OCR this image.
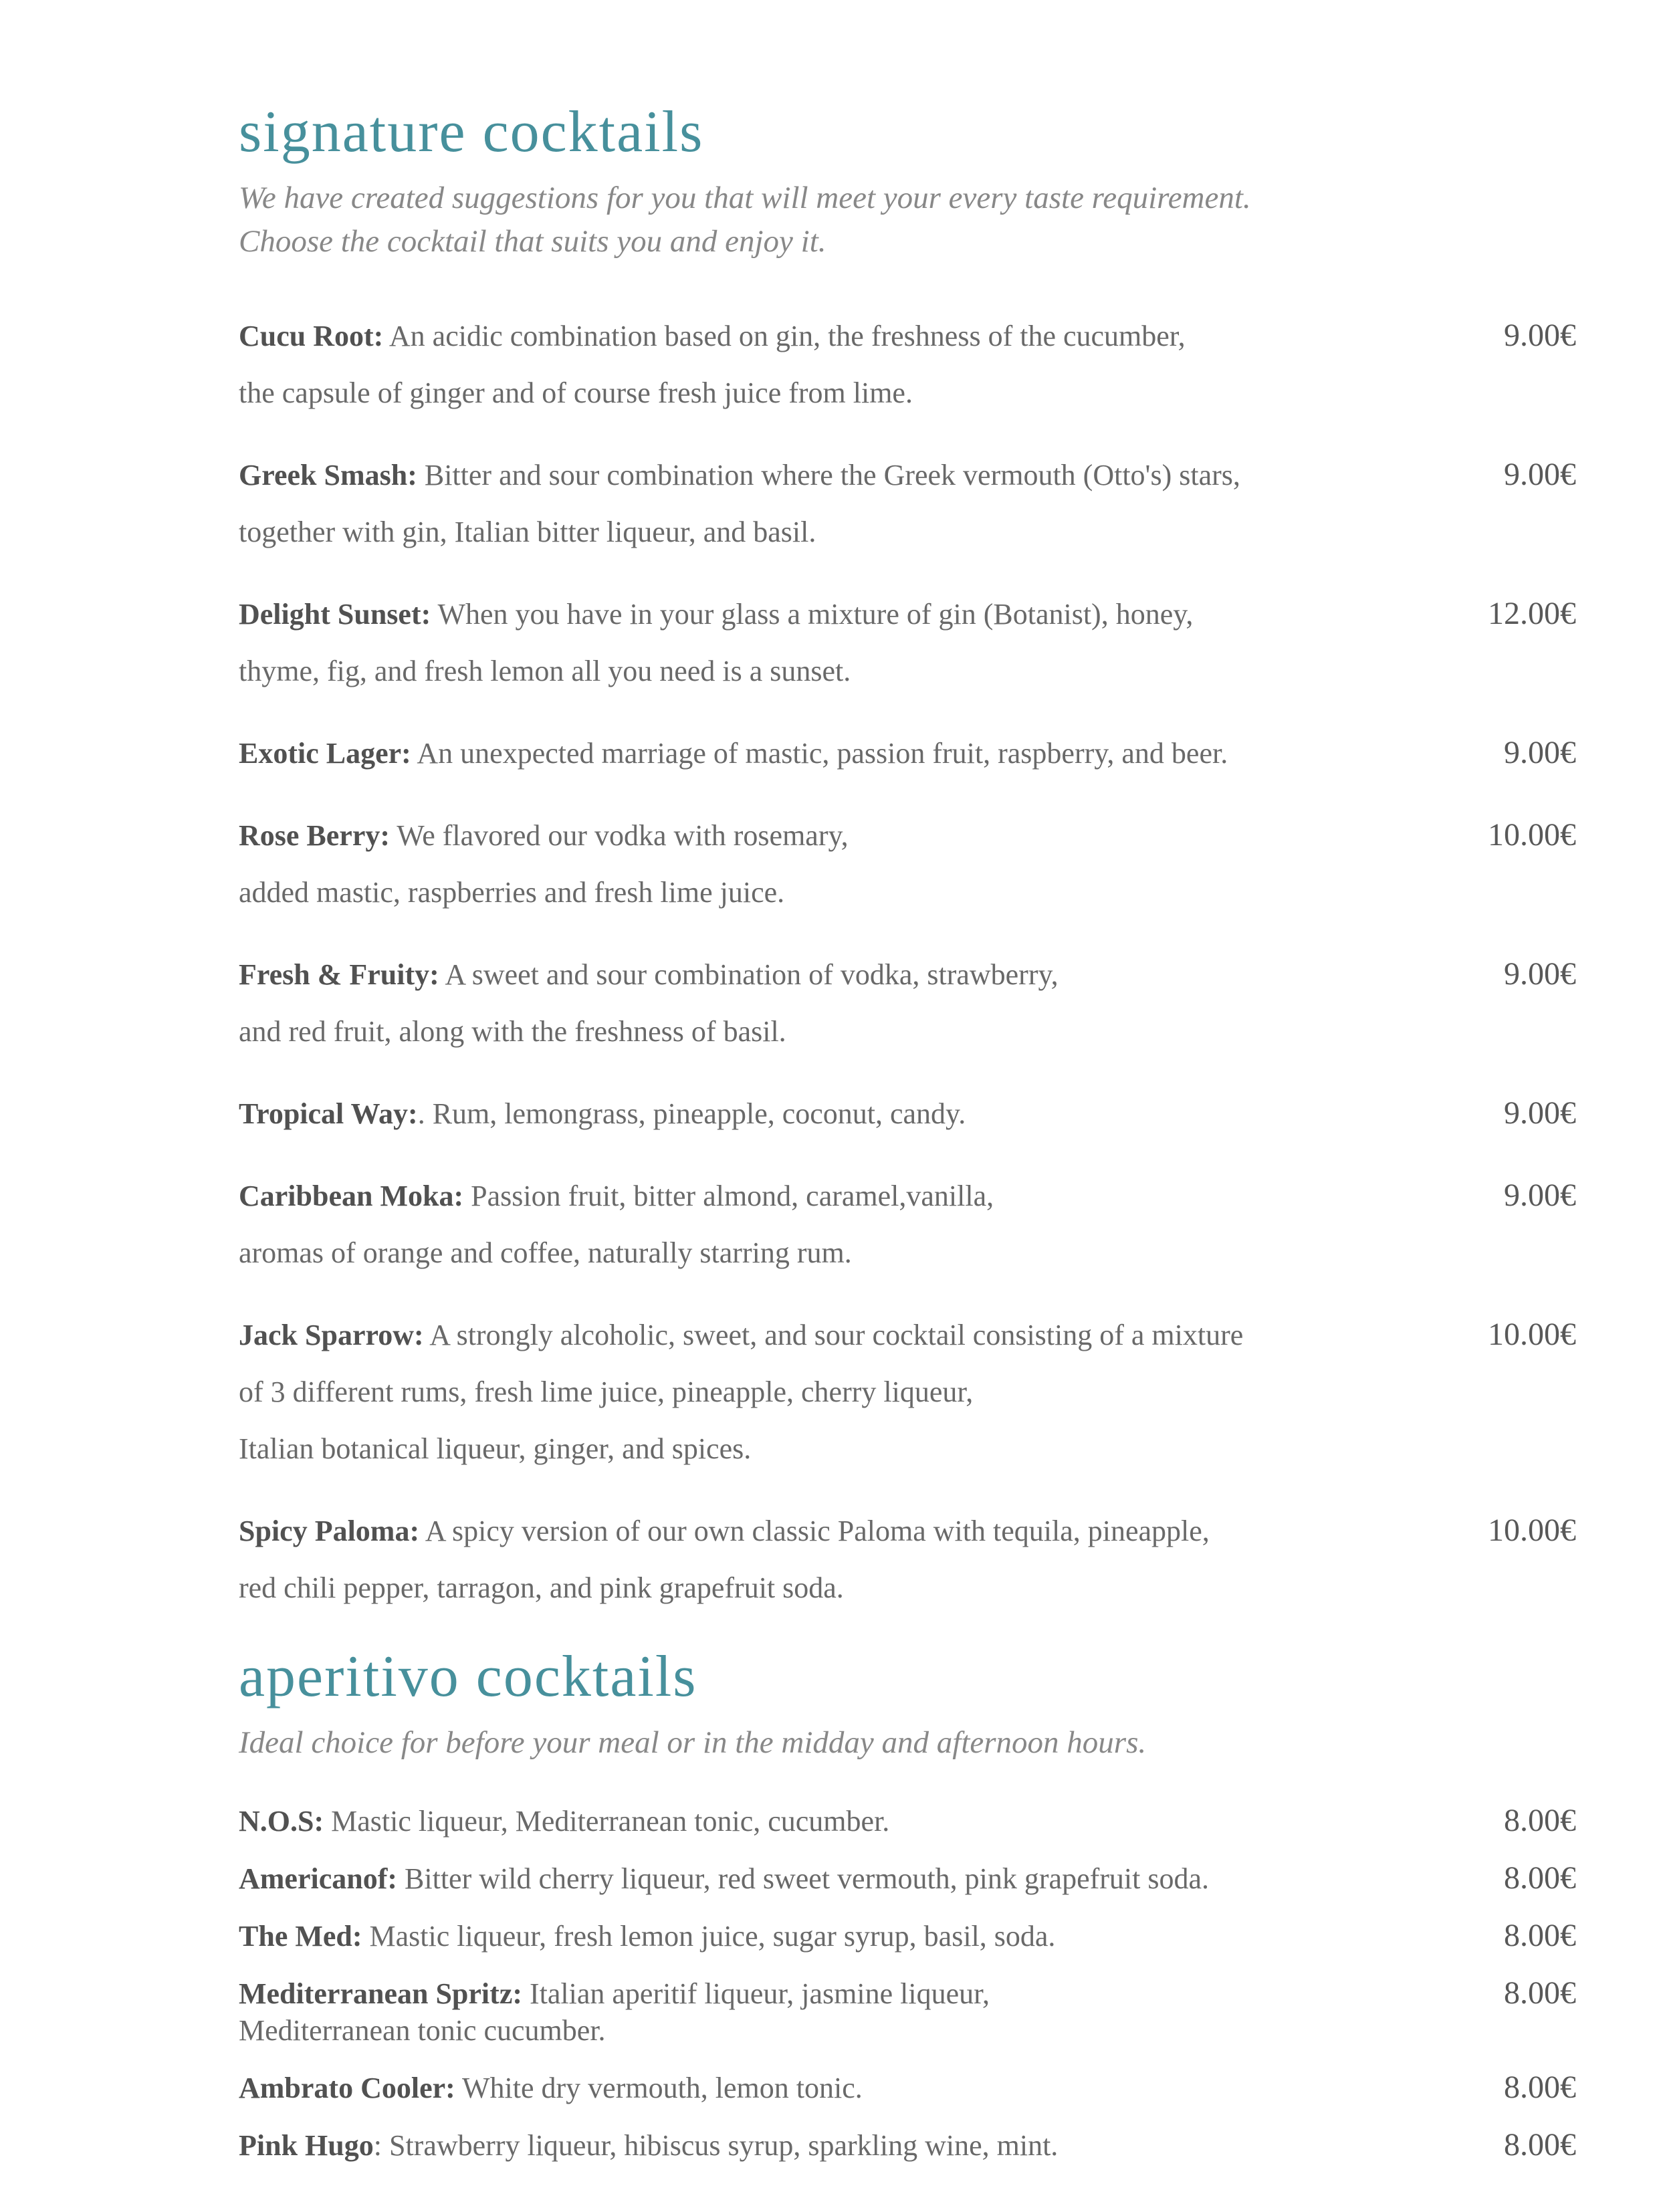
signature cocktails

We have created suggestions for you that will meet your every taste requirement.
Choose the cocktail that suits you and enjoy it.

Cucu Root: An acidic combination based on gin, the freshness of the cucumber,	9.00€

the capsule of ginger and of course fresh juice from lime.

Greek Smash: Bitter and sour combination where the Greek vermouth (Otto's) stars,	9.00€

together with gin, Italian bitter liqueur, and basil.

Delight Sunset: When you have in your glass a mixture of gin (Botanist), honey,	12.00€

thyme, fig, and fresh lemon all you need is a sunset.

Exotic Lager: An unexpected marriage of mastic, passion fruit, raspberry, and beer.	9.00€

Rose Berry: We flavored our vodka with rosemary,	10.00€

added mastic, raspberries and fresh lime juice.

Fresh & Fruity: A sweet and sour combination of vodka, strawberry,	9.00€

and red fruit, along with the freshness of basil.

Tropical Way:. Rum, lemongrass, pineapple, coconut, candy.	9.00€

Caribbean Moka: Passion fruit, bitter almond, caramel,vanilla,	9.00€

aromas of orange and coffee, naturally starring rum.

Jack Sparrow: A strongly alcoholic, sweet, and sour cocktail consisting of a mixture	10.00€

of 3 different rums, fresh lime juice, pineapple, cherry liqueur,

Italian botanical liqueur, ginger, and spices.

Spicy Paloma: A spicy version of our own classic Paloma with tequila, pineapple,	10.00€

red chili pepper, tarragon, and pink grapefruit soda.

aperitivo cocktails

Ideal choice for before your meal or in the midday and afternoon hours.

N.O.S: Mastic liqueur, Mediterranean tonic, cucumber.	8.00€

Americanof: Bitter wild cherry liqueur, red sweet vermouth, pink grapefruit soda.	8.00€

The Med: Mastic liqueur, fresh lemon juice, sugar syrup, basil, soda.	8.00€

Mediterranean Spritz: Italian aperitif liqueur, jasmine liqueur,	8.00€

Mediterranean tonic cucumber.

Ambrato Cooler: White dry vermouth, lemon tonic.	8.00€

Pink Hugo: Strawberry liqueur, hibiscus syrup, sparkling wine, mint.	8.00€
